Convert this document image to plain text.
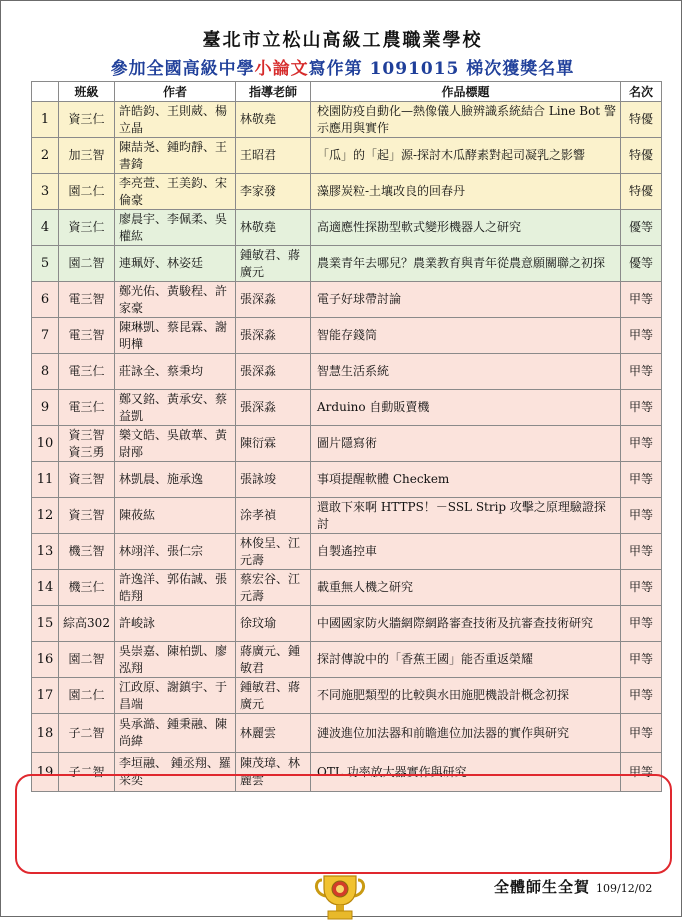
臺北市立松山高級工農職業學校
參加全國高級中學小論文寫作第 1091015 梯次獲獎名單
	班級	作者	指導老師	作品標題	名次
1	資三仁	許皓鈞、王則葳、楊立晶	林敬堯	校園防疫自動化—熱像儀人臉辨識系統結合 Line Bot 警示應用與實作	特優
2	加三智	陳喆尧、鍾昀靜、王書錡	王昭君	「瓜」的「起」源-探討木瓜酵素對起司凝乳之影響	特優
3	園二仁	李亮萱、王美鈞、宋倫豪	李家發	藻膠炭粒-土壤改良的回春丹	特優
4	資三仁	廖晨宇、李佩柔、吳權紘	林敬堯	高適應性探勘型軟式變形機器人之研究	優等
5	園二智	連珮妤、林姿廷	鍾敏君、蔣廣元	農業青年去哪兒？農業教育與青年從農意願關聯之初探	優等
6	電三智	鄭光佑、黃駿程、許家豪	張深淼	電子好球帶討論	甲等
7	電三智	陳琳凱、蔡昆霖、謝明樺	張深淼	智能存錢筒	甲等
8	電三仁	莊詠全、蔡秉均	張深淼	智慧生活系統	甲等
9	電三仁	鄭又銘、黃承安、蔡益凱	張深淼	Arduino 自動販賣機	甲等
10	資三智 資三勇	樂文皓、吳啟華、黃尉邴	陳衍霖	圖片隱寫術	甲等
11	資三智	林凱晨、施承逸	張詠竣	事項提醒軟體 Checkem	甲等
12	資三智	陳莜紘	涂孝禎	還敢下來啊 HTTPS！－SSL Strip 攻擊之原理驗證探討	甲等
13	機三智	林翊洋、張仁宗	林俊呈、江元壽	自製遙控車	甲等
14	機三仁	許逸洋、郭佑誠、張皓翔	蔡宏谷、江元壽	載重無人機之研究	甲等
15	綜高302	許峻詠	徐玟瑜	中國國家防火牆網際網路審查技術及抗審查技術研究	甲等
16	園二智	吳崇嘉、陳柏凱、廖泓翔	蔣廣元、鍾敏君	探討傳說中的「香蕉王國」能否重返榮耀	甲等
17	園二仁	江政原、謝鎮宇、于昌端	鍾敏君、蔣廣元	不同施肥類型的比較與水田施肥機設計概念初探	甲等
18	子二智	吳承澔、鍾秉融、陳尚緯	林麗雲	漣波進位加法器和前瞻進位加法器的實作與研究	甲等
19	子二智	李垣融、 鍾丞翔、羅采奕	陳茂璋、林麗雲	OTL 功率放大器實作與研究	甲等
全體師生全賀 109/12/02
